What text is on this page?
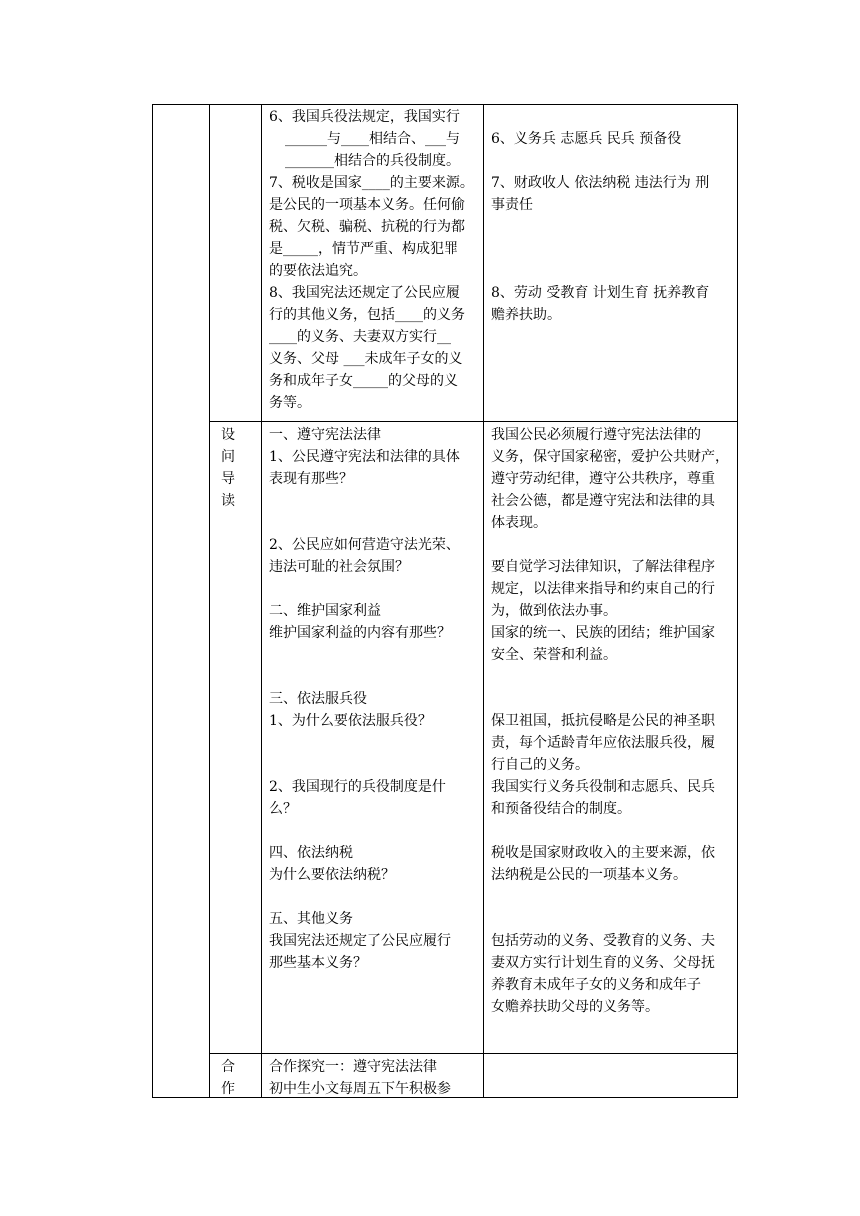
6、我国兵役法规定，我国实行

______与____相结合、___与

_______相结合的兵役制度。

7、税收是国家____的主要来源。

是公民的一项基本义务。任何偷

税、欠税、骗税、抗税的行为都

是_____，情节严重、构成犯罪

的要依法追究。

8、我国宪法还规定了公民应履

行的其他义务，包括____的义务

____的义务、夫妻双方实行__

义务、父母 ___未成年子女的义

务和成年子女_____的父母的义

务等。

6、义务兵 志愿兵 民兵 预备役

7、财政收人 依法纳税 违法行为 刑

事责任

8、劳动 受教育 计划生育 抚养教育

赡养扶助。

设
问
导
读

一、遵守宪法法律

1、公民遵守宪法和法律的具体

表现有那些？

2、公民应如何营造守法光荣、

违法可耻的社会氛围？

二、维护国家利益

维护国家利益的内容有那些？

三、依法服兵役

1、为什么要依法服兵役？

2、我国现行的兵役制度是什

么？

四、依法纳税

为什么要依法纳税？

五、其他义务

我国宪法还规定了公民应履行

那些基本义务？

我国公民必须履行遵守宪法法律的

义务，保守国家秘密，爱护公共财产，

遵守劳动纪律，遵守公共秩序，尊重

社会公德，都是遵守宪法和法律的具

体表现。

要自觉学习法律知识，了解法律程序

规定，以法律来指导和约束自己的行

为，做到依法办事。

国家的统一、民族的团结；维护国家

安全、荣誉和利益。

保卫祖国，抵抗侵略是公民的神圣职

责，每个适龄青年应依法服兵役，履

行自己的义务。

我国实行义务兵役制和志愿兵、民兵

和预备役结合的制度。

税收是国家财政收入的主要来源，依

法纳税是公民的一项基本义务。

包括劳动的义务、受教育的义务、夫

妻双方实行计划生育的义务、父母抚

养教育未成年子女的义务和成年子

女赡养扶助父母的义务等。

合
作

合作探究一：遵守宪法法律

初中生小文每周五下午积极参
